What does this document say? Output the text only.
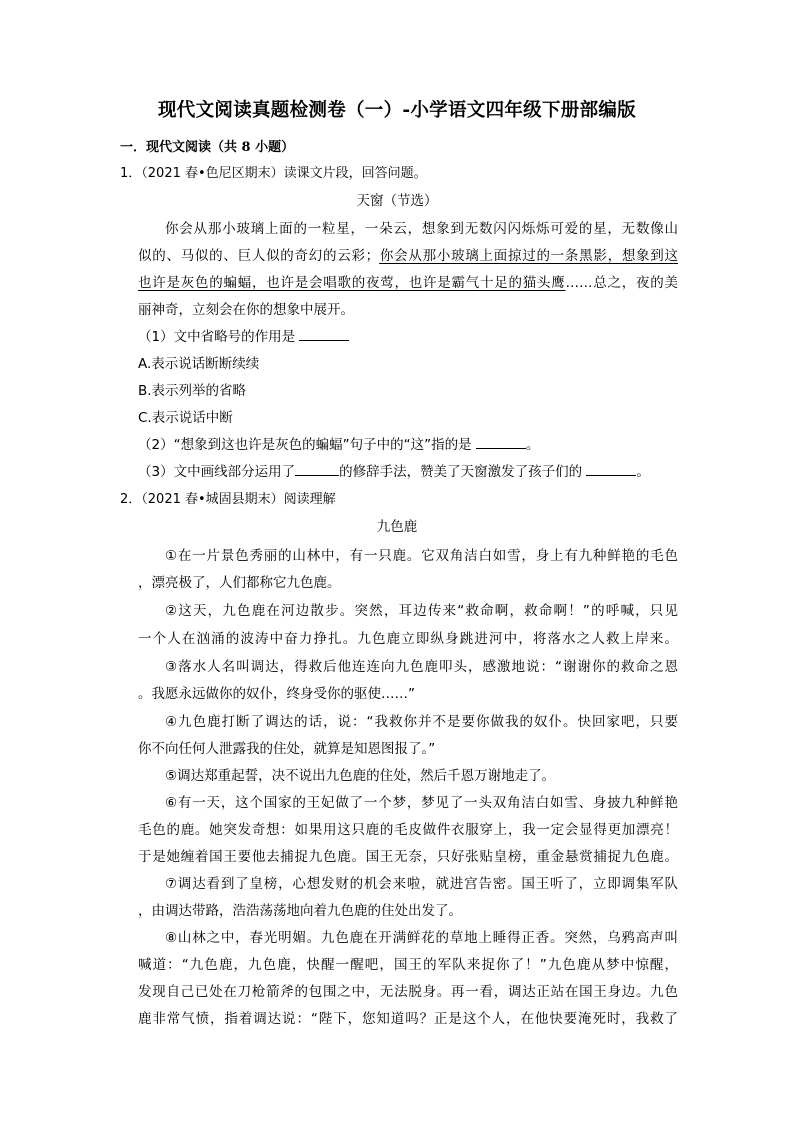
现代文阅读真题检测卷（一）-小学语文四年级下册部编版
一．现代文阅读（共 8 小题）
1．（2021 春•色尼区期末）读课文片段，回答问题。
天窗（节选）
你会从那小玻璃上面的一粒星，一朵云，想象到无数闪闪烁烁可爱的星，无数像山
似的、马似的、巨人似的奇幻的云彩；你会从那小玻璃上面掠过的一条黑影，想象到这
也许是灰色的蝙蝠，也许是会唱歌的夜莺，也许是霸气十足的猫头鹰……总之，夜的美
丽神奇，立刻会在你的想象中展开。
（1）文中省略号的作用是
A.表示说话断断续续
B.表示列举的省略
C.表示说话中断
（2）“想象到这也许是灰色的蝙蝠”句子中的“这”指的是	。
（3）文中画线部分运用了	的修辞手法，赞美了天窗激发了孩子们的	。
2．（2021 春•城固县期末）阅读理解
九色鹿
①在一片景色秀丽的山林中，有一只鹿。它双角洁白如雪，身上有九种鲜艳的毛色
，漂亮极了，人们都称它九色鹿。
②这天，九色鹿在河边散步。突然，耳边传来“救命啊，救命啊！”的呼喊，只见
一个人在汹涌的波涛中奋力挣扎。九色鹿立即纵身跳进河中，将落水之人救上岸来。
③落水人名叫调达，得救后他连连向九色鹿叩头，感激地说：“谢谢你的救命之恩
。我愿永远做你的奴仆，终身受你的驱使……”
④九色鹿打断了调达的话，说：“我救你并不是要你做我的奴仆。快回家吧，只要
你不向任何人泄露我的住处，就算是知恩图报了。”
⑤调达郑重起誓，决不说出九色鹿的住处，然后千恩万谢地走了。
⑥有一天，这个国家的王妃做了一个梦，梦见了一头双角洁白如雪、身披九种鲜艳
毛色的鹿。她突发奇想：如果用这只鹿的毛皮做件衣服穿上，我一定会显得更加漂亮！
于是她缠着国王要他去捕捉九色鹿。国王无奈，只好张贴皇榜，重金悬赏捕捉九色鹿。
⑦调达看到了皇榜，心想发财的机会来啦，就进宫告密。国王听了，立即调集军队
，由调达带路，浩浩荡荡地向着九色鹿的住处出发了。
⑧山林之中，春光明媚。九色鹿在开满鲜花的草地上睡得正香。突然，乌鸦高声叫
喊道：“九色鹿，九色鹿，快醒一醒吧，国王的军队来捉你了！”九色鹿从梦中惊醒，
发现自己已处在刀枪箭斧的包围之中，无法脱身。再一看，调达正站在国王身边。九色
鹿非常气愤，指着调达说：“陛下，您知道吗？正是这个人，在他快要淹死时，我救了
